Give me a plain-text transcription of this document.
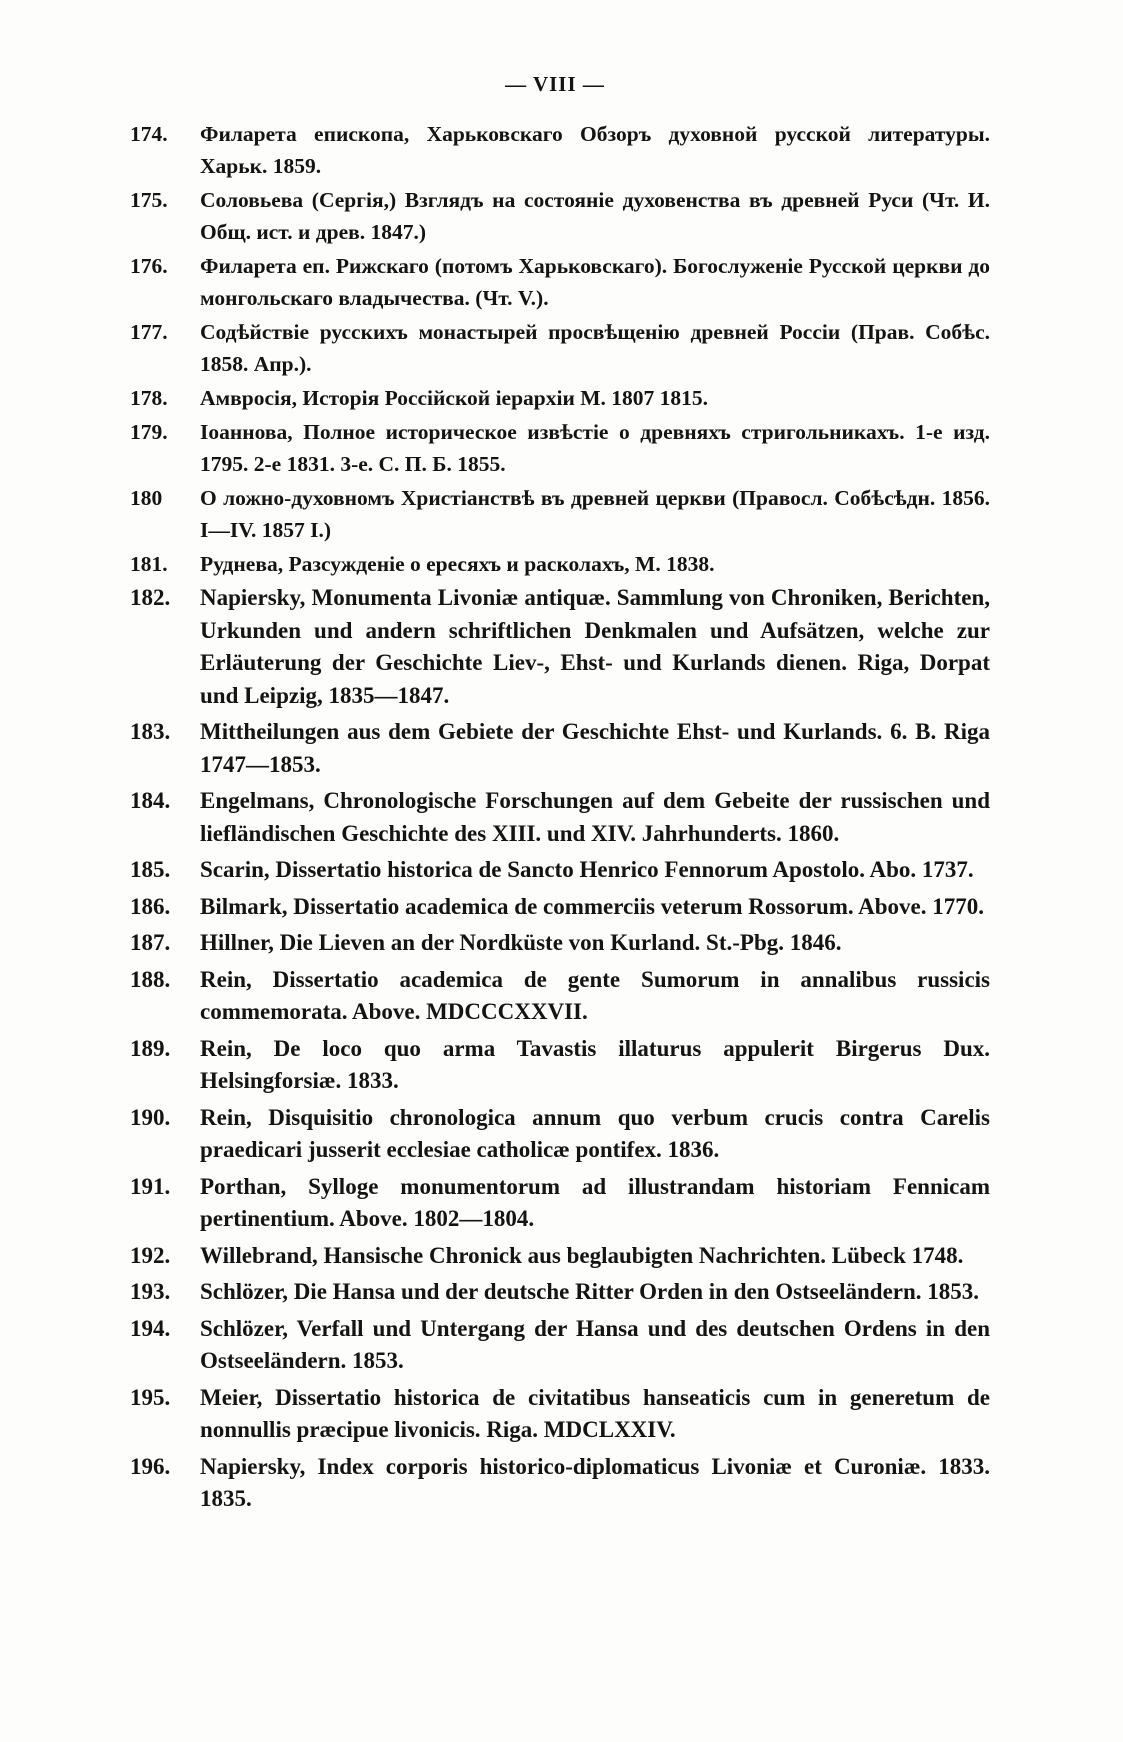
— VIII —
174.	Филарета епископа, Харьковскаго Обзоръ духовной русской литературы. Харьк. 1859.
175.	Соловьева (Сергія,) Взглядъ на состояніе духовенства въ древней Руси (Чт. И. Общ. ист. и древ. 1847.)
176.	Филарета еп. Рижскаго (потомъ Харьковскаго). Богослуженіе Русской церкви до монгольскаго владычества. (Чт. V.).
177.	Содѣйствіе русскихъ монастырей просвѣщенію древней Россіи (Прав. Собѣс. 1858. Апр.).
178.	Амвросія, Исторія Россійской іерархіи М. 1807 1815.
179.	Іоаннова, Полное историческое извѣстіе о древняхъ стригольникахъ. 1-е изд. 1795. 2-е 1831. 3-е. С. П. Б. 1855.
180	О ложно-духовномъ Христіанствѣ въ древней церкви (Правосл. Собѣсѣдн. 1856. I—IV. 1857 I.)
181.	Руднева, Разсужденіе о ересяхъ и расколахъ, М. 1838.
182.	Napiersky, Monumenta Livoniæ antiquæ. Sammlung von Chroniken, Berichten, Urkunden und andern schriftlichen Denkmalen und Aufsätzen, welche zur Erläuterung der Geschichte Liev-, Ehst- und Kurlands dienen. Riga, Dorpat und Leipzig, 1835—1847.
183.	Mittheilungen aus dem Gebiete der Geschichte Ehst- und Kurlands. 6. B. Riga 1747—1853.
184.	Engelmans, Chronologische Forschungen auf dem Gebeite der russischen und liefländischen Geschichte des XIII. und XIV. Jahrhunderts. 1860.
185.	Scarin, Dissertatio historica de Sancto Henrico Fennorum Apostolo. Abo. 1737.
186.	Bilmark, Dissertatio academica de commerciis veterum Rossorum. Above. 1770.
187.	Hillner, Die Lieven an der Nordküste von Kurland. St.-Pbg. 1846.
188.	Rein, Dissertatio academica de gente Sumorum in annalibus russicis commemorata. Above. MDCCCXXVII.
189.	Rein, De loco quo arma Tavastis illaturus appulerit Birgerus Dux. Helsingforsiæ. 1833.
190.	Rein, Disquisitio chronologica annum quo verbum crucis contra Carelis praedicari jusserit ecclesiae catholicæ pontifex. 1836.
191.	Porthan, Sylloge monumentorum ad illustrandam historiam Fennicam pertinentium. Above. 1802—1804.
192.	Willebrand, Hansische Chronick aus beglaubigten Nachrichten. Lübeck 1748.
193.	Schlözer, Die Hansa und der deutsche Ritter Orden in den Ostseeländern. 1853.
194.	Schlözer, Verfall und Untergang der Hansa und des deutschen Ordens in den Ostseeländern. 1853.
195.	Meier, Dissertatio historica de civitatibus hanseaticis cum in generetum de nonnullis præcipue livonicis. Riga. MDCLXXIV.
196.	Napiersky, Index corporis historico-diplomaticus Livoniæ et Curoniæ. 1833. 1835.
